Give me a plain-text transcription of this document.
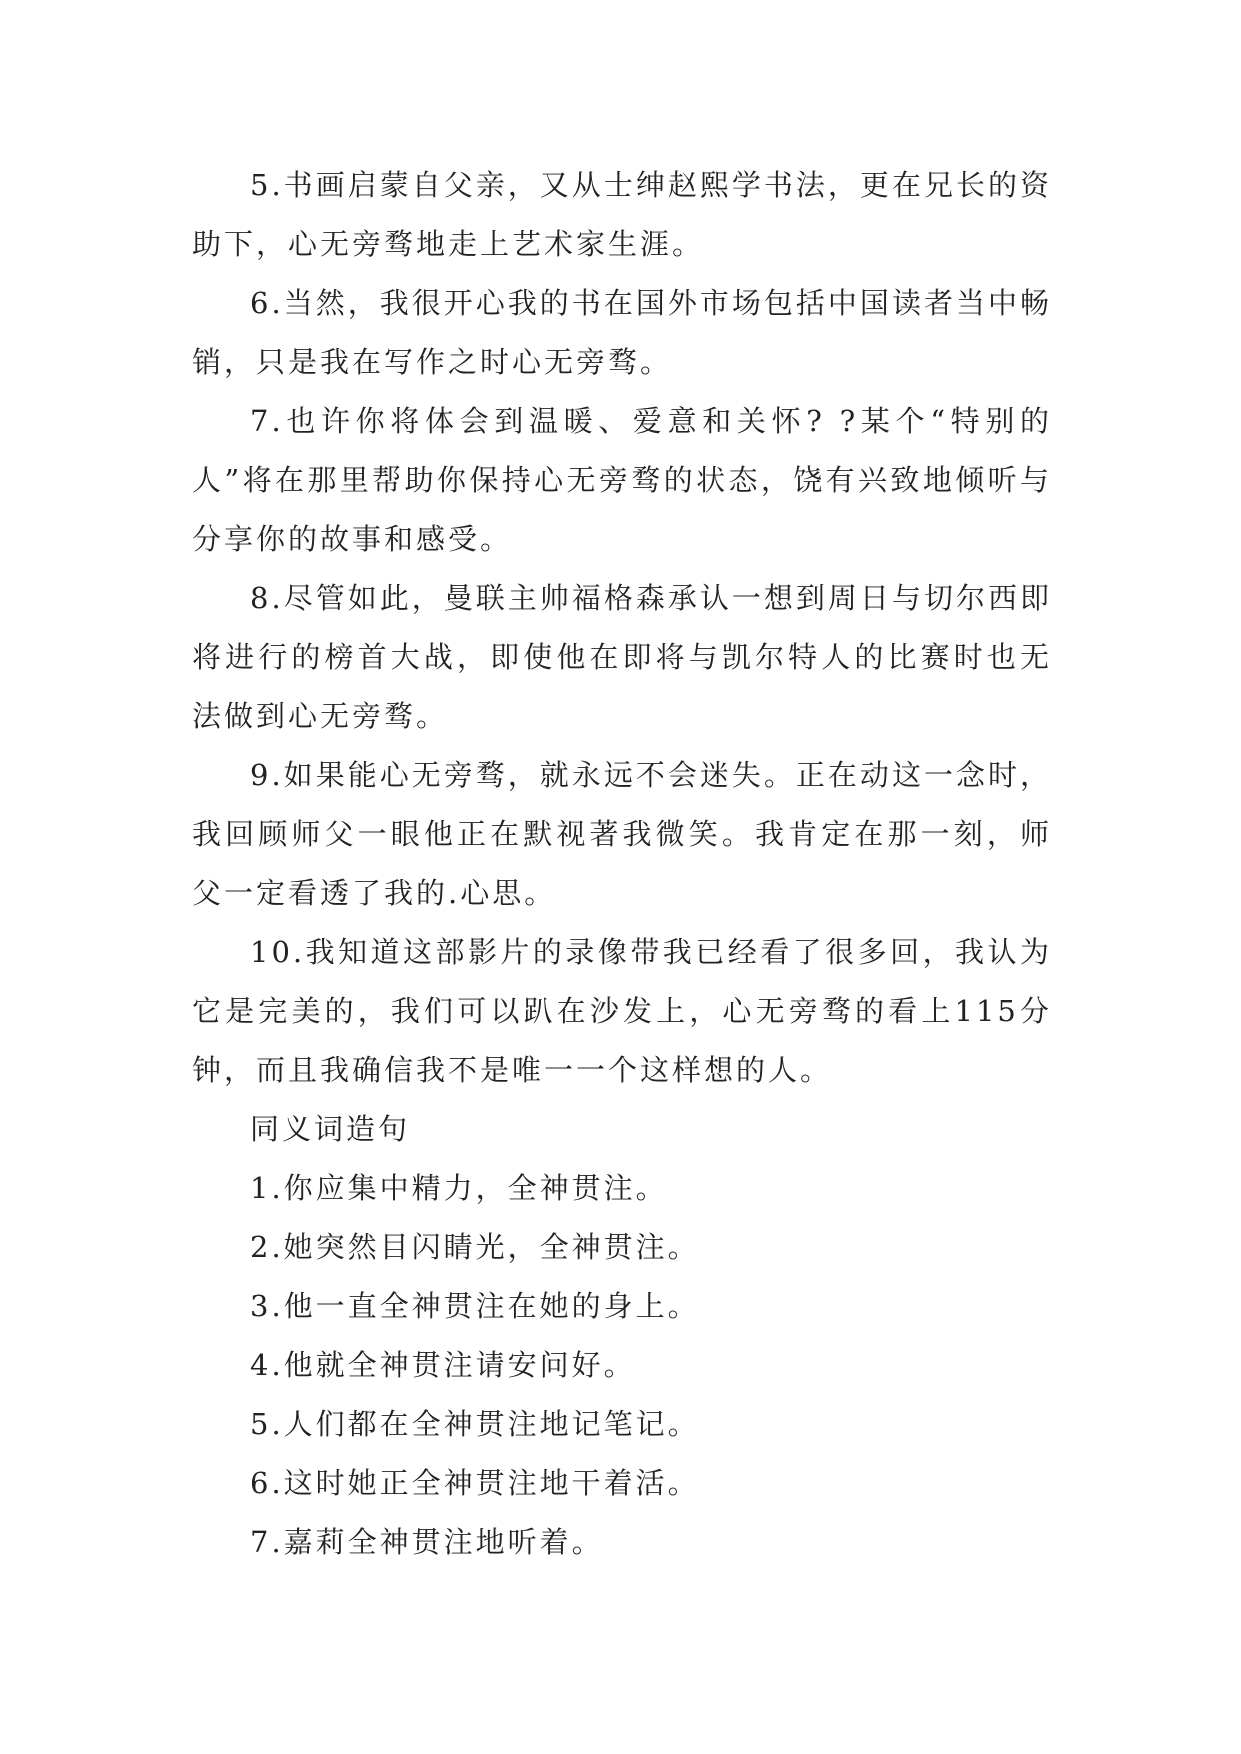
5.书画启蒙自父亲，又从士绅赵熙学书法，更在兄长的资助下，心无旁骛地走上艺术家生涯。

6.当然，我很开心我的书在国外市场包括中国读者当中畅销，只是我在写作之时心无旁骛。

7.也许你将体会到温暖、爱意和关怀? ?某个“特别的人”将在那里帮助你保持心无旁骛的状态，饶有兴致地倾听与分享你的故事和感受。

8.尽管如此，曼联主帅福格森承认一想到周日与切尔西即将进行的榜首大战，即使他在即将与凯尔特人的比赛时也无法做到心无旁骛。

9.如果能心无旁骛，就永远不会迷失。正在动这一念时，我回顾师父一眼他正在默视著我微笑。我肯定在那一刻，师父一定看透了我的.心思。

10.我知道这部影片的录像带我已经看了很多回，我认为它是完美的，我们可以趴在沙发上，心无旁骛的看上115分钟，而且我确信我不是唯一一个这样想的人。

同义词造句

1.你应集中精力，全神贯注。

2.她突然目闪睛光，全神贯注。

3.他一直全神贯注在她的身上。

4.他就全神贯注请安问好。

5.人们都在全神贯注地记笔记。

6.这时她正全神贯注地干着活。

7.嘉莉全神贯注地听着。
